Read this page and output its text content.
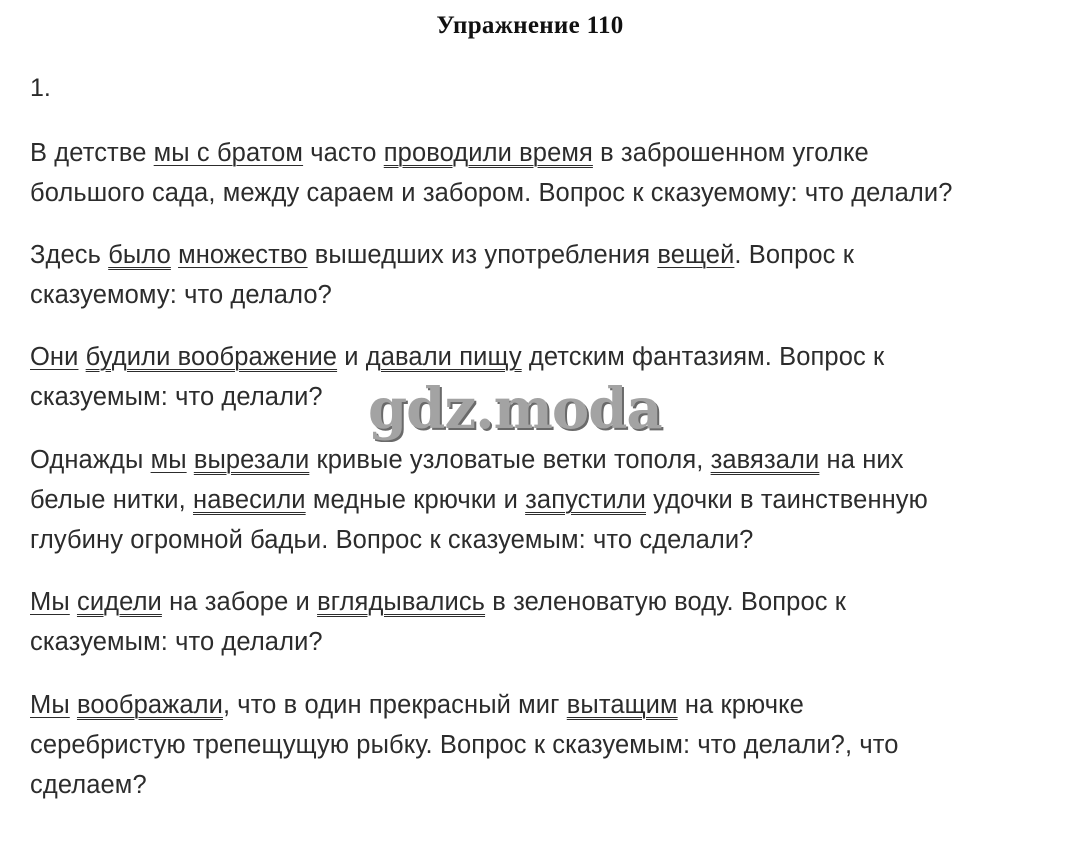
Упражнение 110
1.
В детстве мы с братом часто проводили время в заброшенном уголке
большого сада, между сараем и забором. Вопрос к сказуемому: что делали?
Здесь было множество вышедших из употребления вещей. Вопрос к
сказуемому: что делало?
Они будили воображение и давали пищу детским фантазиям. Вопрос к
сказуемым: что делали?
Однажды мы вырезали кривые узловатые ветки тополя, завязали на них
белые нитки, навесили медные крючки и запустили удочки в таинственную
глубину огромной бадьи. Вопрос к сказуемым: что сделали?
Мы сидели на заборе и вглядывались в зеленоватую воду. Вопрос к
сказуемым: что делали?
Мы воображали, что в один прекрасный миг вытащим на крючке
серебристую трепещущую рыбку. Вопрос к сказуемым: что делали?, что
сделаем?
gdz.moda
